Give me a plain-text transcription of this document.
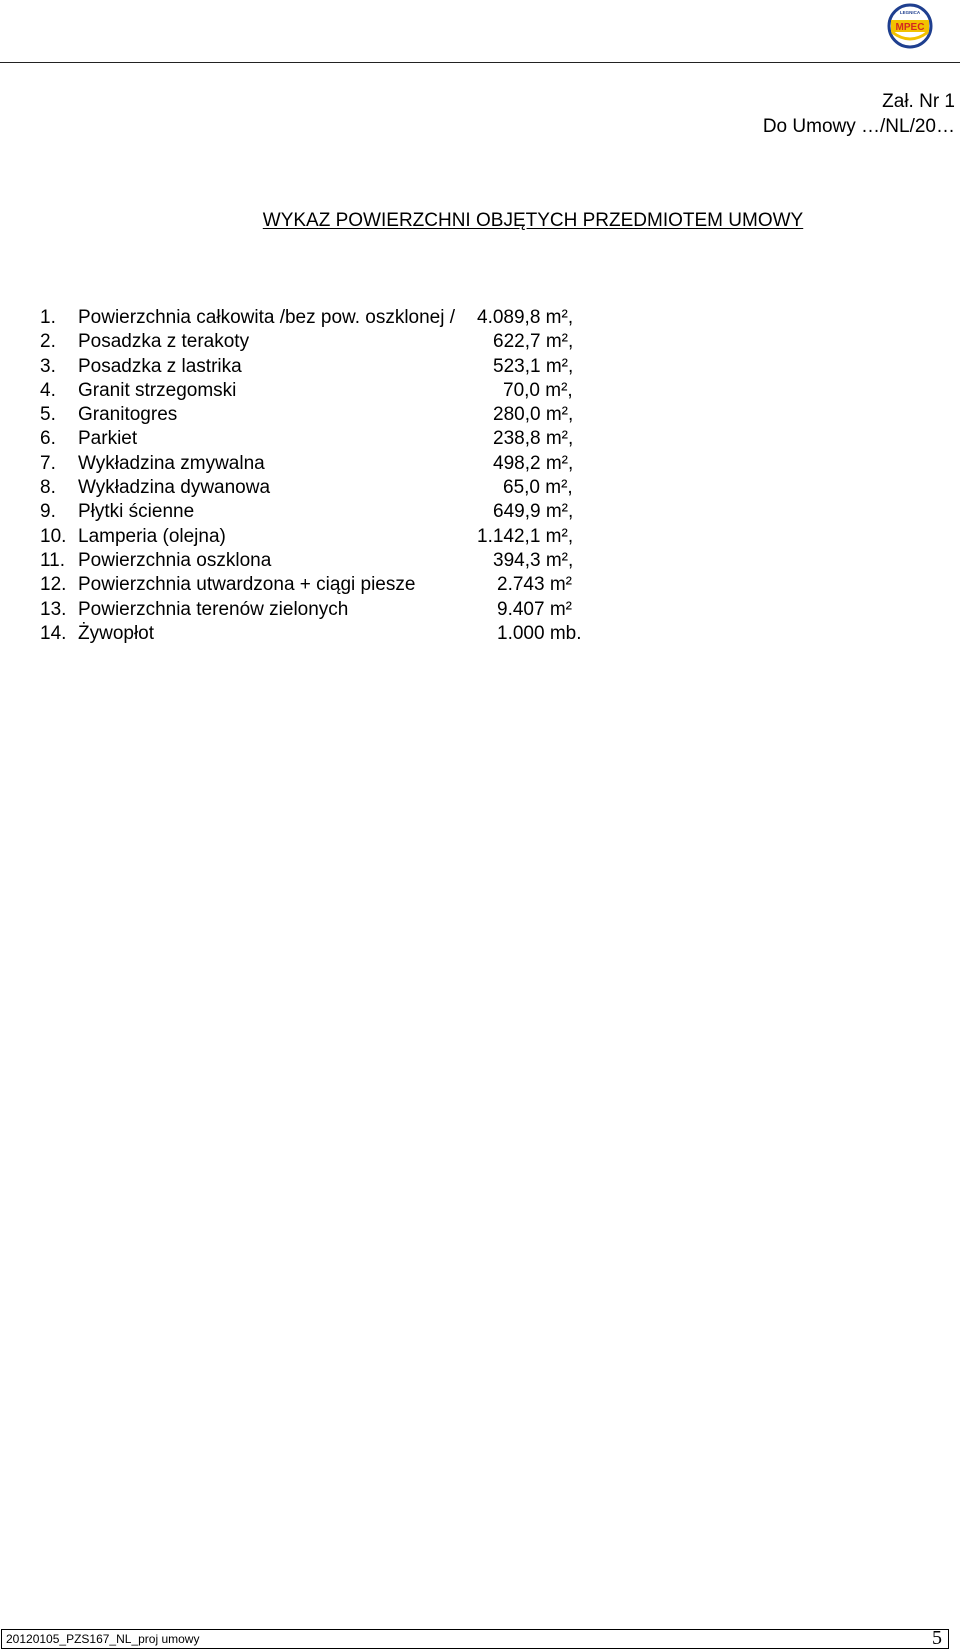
MPEC
LEGNICA
Zał. Nr 1
Do Umowy …/NL/20…
WYKAZ POWIERZCHNI OBJĘTYCH PRZEDMIOTEM UMOWY
1. Powierzchnia całkowita /bez pow. oszklonej / 4.089,8 m²,
2. Posadzka z terakoty	622,7 m²,
3. Posadzka z lastrika	523,1 m²,
4. Granit strzegomski	70,0 m²,
5. Granitogres	280,0 m²,
6. Parkiet	238,8 m²,
7. Wykładzina zmywalna	498,2 m²,
8. Wykładzina dywanowa	65,0 m²,
9. Płytki ścienne	649,9 m²,
10. Lamperia (olejna)	1.142,1 m²,
11. Powierzchnia oszklona	394,3 m²,
12. Powierzchnia utwardzona + ciągi piesze	2.743 m²
13. Powierzchnia terenów zielonych	9.407 m²
14. Żywopłot	1.000 mb.
20120105_PZS167_NL_proj umowy	5
